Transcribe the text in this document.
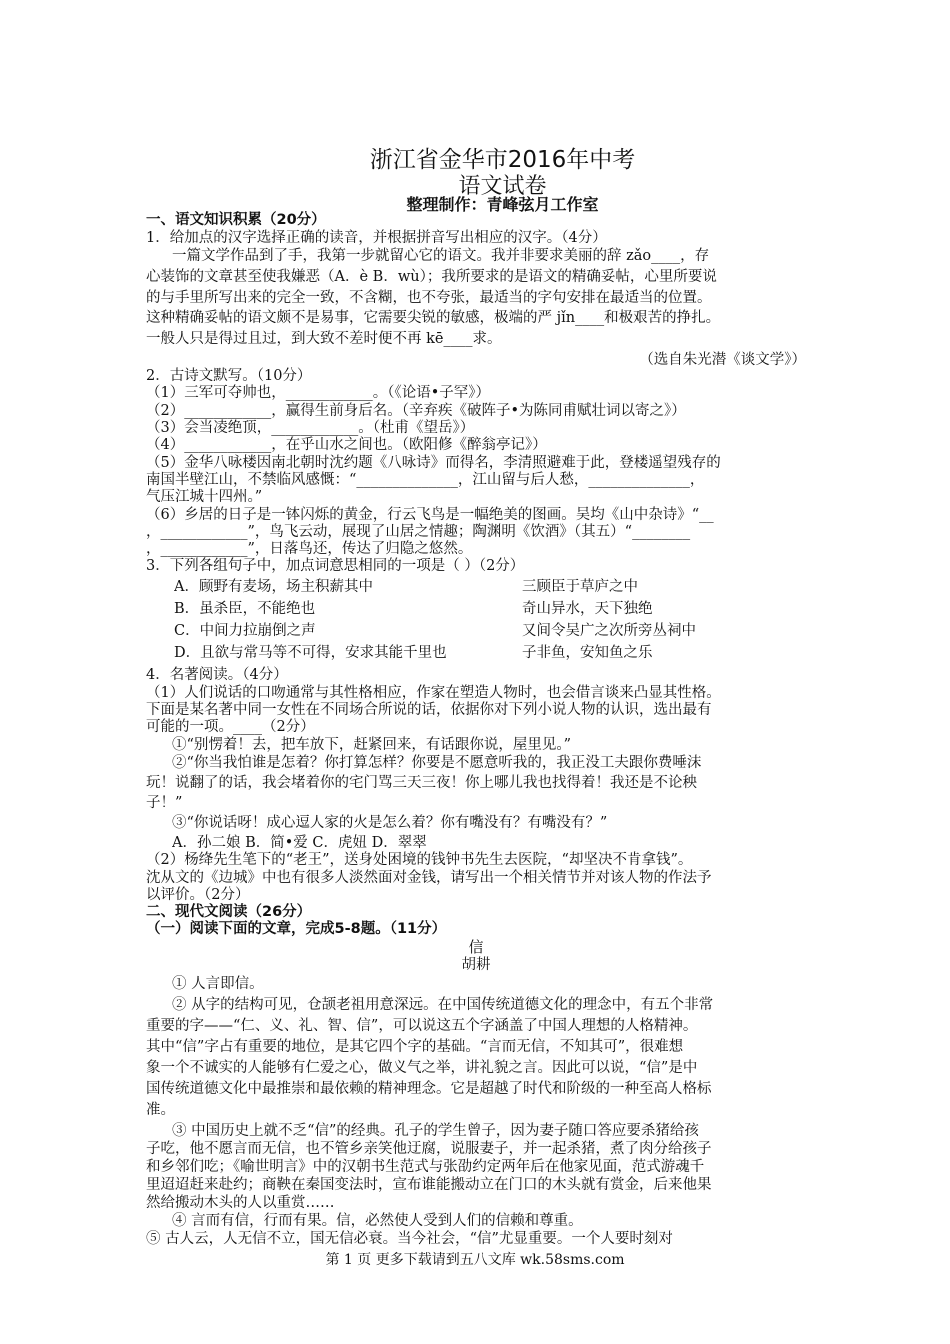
浙江省金华市2016年中考
语文试卷
整理制作：青峰弦月工作室
一、语文知识积累（20分）
1．给加点的汉字选择正确的读音，并根据拼音写出相应的汉字。（4分）
一篇文学作品到了手，我第一步就留心它的语文。我并非要求美丽的辞 zǎo____，存
心装饰的文章甚至使我嫌恶（A．è B．wù）；我所要求的是语文的精确妥帖，心里所要说
的与手里所写出来的完全一致，不含糊，也不夸张，最适当的字句安排在最适当的位置。
这种精确妥帖的语文颇不是易事，它需要尖锐的敏感，极端的严 jǐn____和极艰苦的挣扎。
一般人只是得过且过，到大致不差时便不再 kē____求。
（选自朱光潜《谈文学》）
2．古诗文默写。（10分）
（1）三军可夺帅也，____________。（《论语•子罕》）
（2）____________，赢得生前身后名。（辛弃疾《破阵子•为陈同甫赋壮词以寄之》）
（3）会当凌绝顶，____________。（杜甫《望岳》）
（4）____________，在乎山水之间也。（欧阳修《醉翁亭记》）
（5）金华八咏楼因南北朝时沈约题《八咏诗》而得名，李清照避难于此，登楼遥望残存的
南国半壁江山，不禁临风感慨：“______________，江山留与后人愁，______________，
气压江城十四州。”
（6）乡居的日子是一钵闪烁的黄金，行云飞鸟是一幅绝美的图画。吴均《山中杂诗》“__
，____________”，鸟飞云动，展现了山居之情趣；陶渊明《饮酒》（其五）“________
，____________”，日落鸟还，传达了归隐之悠然。
3．下列各组句子中，加点词意思相同的一项是（ ）（2分）
A．顾野有麦场，场主积薪其中	三顾臣于草庐之中
B．虽杀臣，不能绝也	奇山异水，天下独绝
C．中间力拉崩倒之声	又间令吴广之次所旁丛祠中
D．且欲与常马等不可得，安求其能千里也	子非鱼，安知鱼之乐
4．名著阅读。（4分）
（1）人们说话的口吻通常与其性格相应，作家在塑造人物时，也会借言谈来凸显其性格。
下面是某名著中同一女性在不同场合所说的话，依据你对下列小说人物的认识，选出最有
可能的一项。____（2分）
①“别愣着！去，把车放下，赶紧回来，有话跟你说，屋里见。”
②“你当我怕谁是怎着？你打算怎样？你要是不愿意听我的，我正没工夫跟你费唾沫
玩！说翻了的话，我会堵着你的宅门骂三天三夜！你上哪儿我也找得着！我还是不论秧
子！”
③“你说话呀！成心逗人家的火是怎么着？你有嘴没有？有嘴没有？”
A．孙二娘 B．简•爱 C．虎妞 D．翠翠
（2）杨绛先生笔下的“老王”，送身处困境的钱钟书先生去医院，“却坚决不肯拿钱”。
沈从文的《边城》中也有很多人淡然面对金钱，请写出一个相关情节并对该人物的作法予
以评价。（2分）
二、现代文阅读（26分）
（一）阅读下面的文章，完成5-8题。（11分）
信
胡耕
① 人言即信。
② 从字的结构可见，仓颉老祖用意深远。在中国传统道德文化的理念中，有五个非常
重要的字——“仁、义、礼、智、信”，可以说这五个字涵盖了中国人理想的人格精神。
其中“信”字占有重要的地位，是其它四个字的基础。“言而无信，不知其可”，很难想
象一个不诚实的人能够有仁爱之心，做义气之举，讲礼貌之言。因此可以说，“信”是中
国传统道德文化中最推崇和最依赖的精神理念。它是超越了时代和阶级的一种至高人格标
准。
③ 中国历史上就不乏“信”的经典。孔子的学生曾子，因为妻子随口答应要杀猪给孩
子吃，他不愿言而无信，也不管乡亲笑他迂腐，说服妻子，并一起杀猪，煮了肉分给孩子
和乡邻们吃；《喻世明言》中的汉朝书生范式与张劭约定两年后在他家见面，范式游魂千
里迢迢赶来赴约；商鞅在秦国变法时，宣布谁能搬动立在门口的木头就有赏金，后来他果
然给搬动木头的人以重赏……
④ 言而有信，行而有果。信，必然使人受到人们的信赖和尊重。
⑤ 古人云，人无信不立，国无信必衰。当今社会，“信”尤显重要。一个人要时刻对
第 1 页 更多下载请到五八文库 wk.58sms.com
